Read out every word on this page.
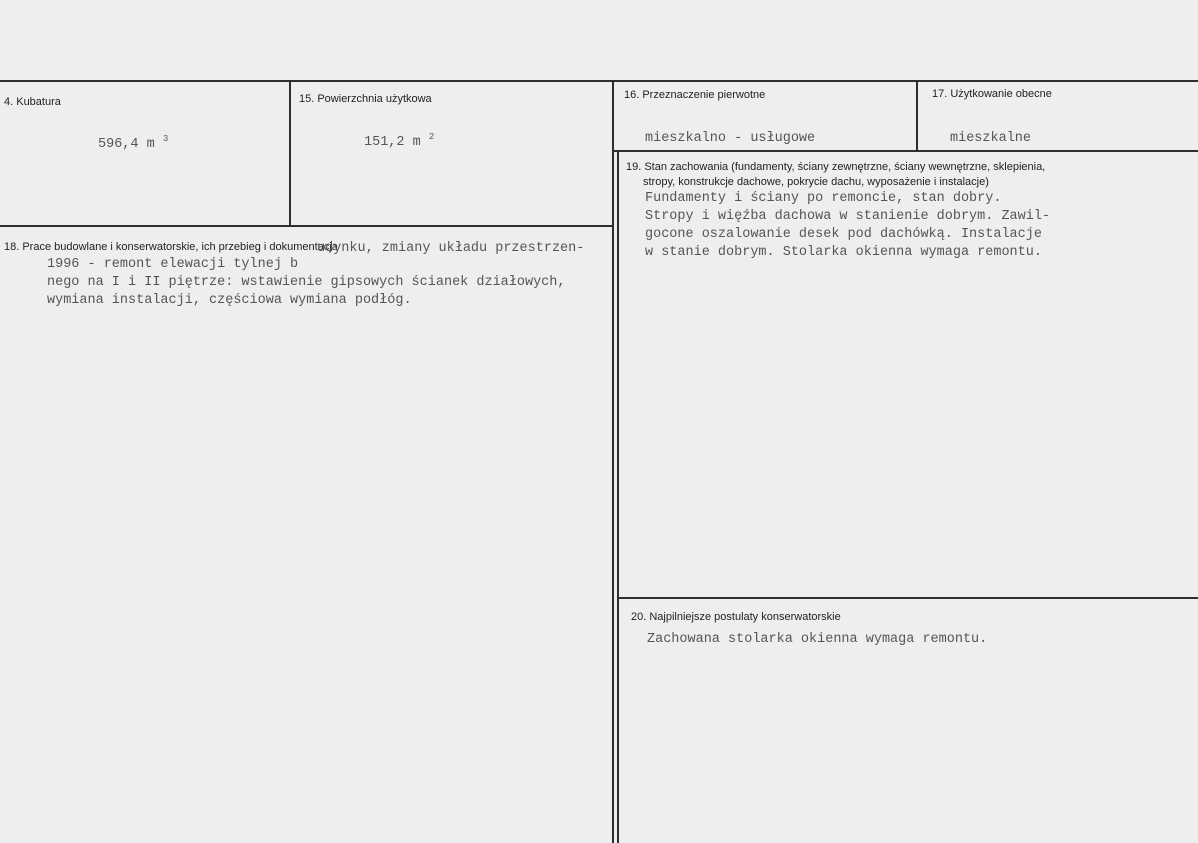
4. Kubatura
596,4 m $^3$
15. Powierzchnia użytkowa
151,2 m $^2$
16. Przeznaczenie pierwotne
mieszkalno - usługowe
17. Użytkowanie obecne
mieszkalne
19. Stan zachowania (fundamenty, ściany zewnętrzne, ściany wewnętrzne, sklepienia,
stropy, konstrukcje dachowe, pokrycie dachu, wyposażenie i instalacje)
Fundamenty i ściany po remoncie, stan dobry.
Stropy i więźba dachowa w stanienie dobrym. Zawil-
gocone oszalowanie desek pod dachówką. Instalacje
w stanie dobrym. Stolarka okienna wymaga remontu.
18. Prace budowlane i konserwatorskie, ich przebieg i dokumentacja
udynku, zmiany układu przestrzen-
1996 - remont elewacji tylnej b
nego na I i II piętrze: wstawienie gipsowych ścianek działowych,
wymiana instalacji, częściowa wymiana podłóg.
20. Najpilniejsze postulaty konserwatorskie
Zachowana stolarka okienna wymaga remontu.
